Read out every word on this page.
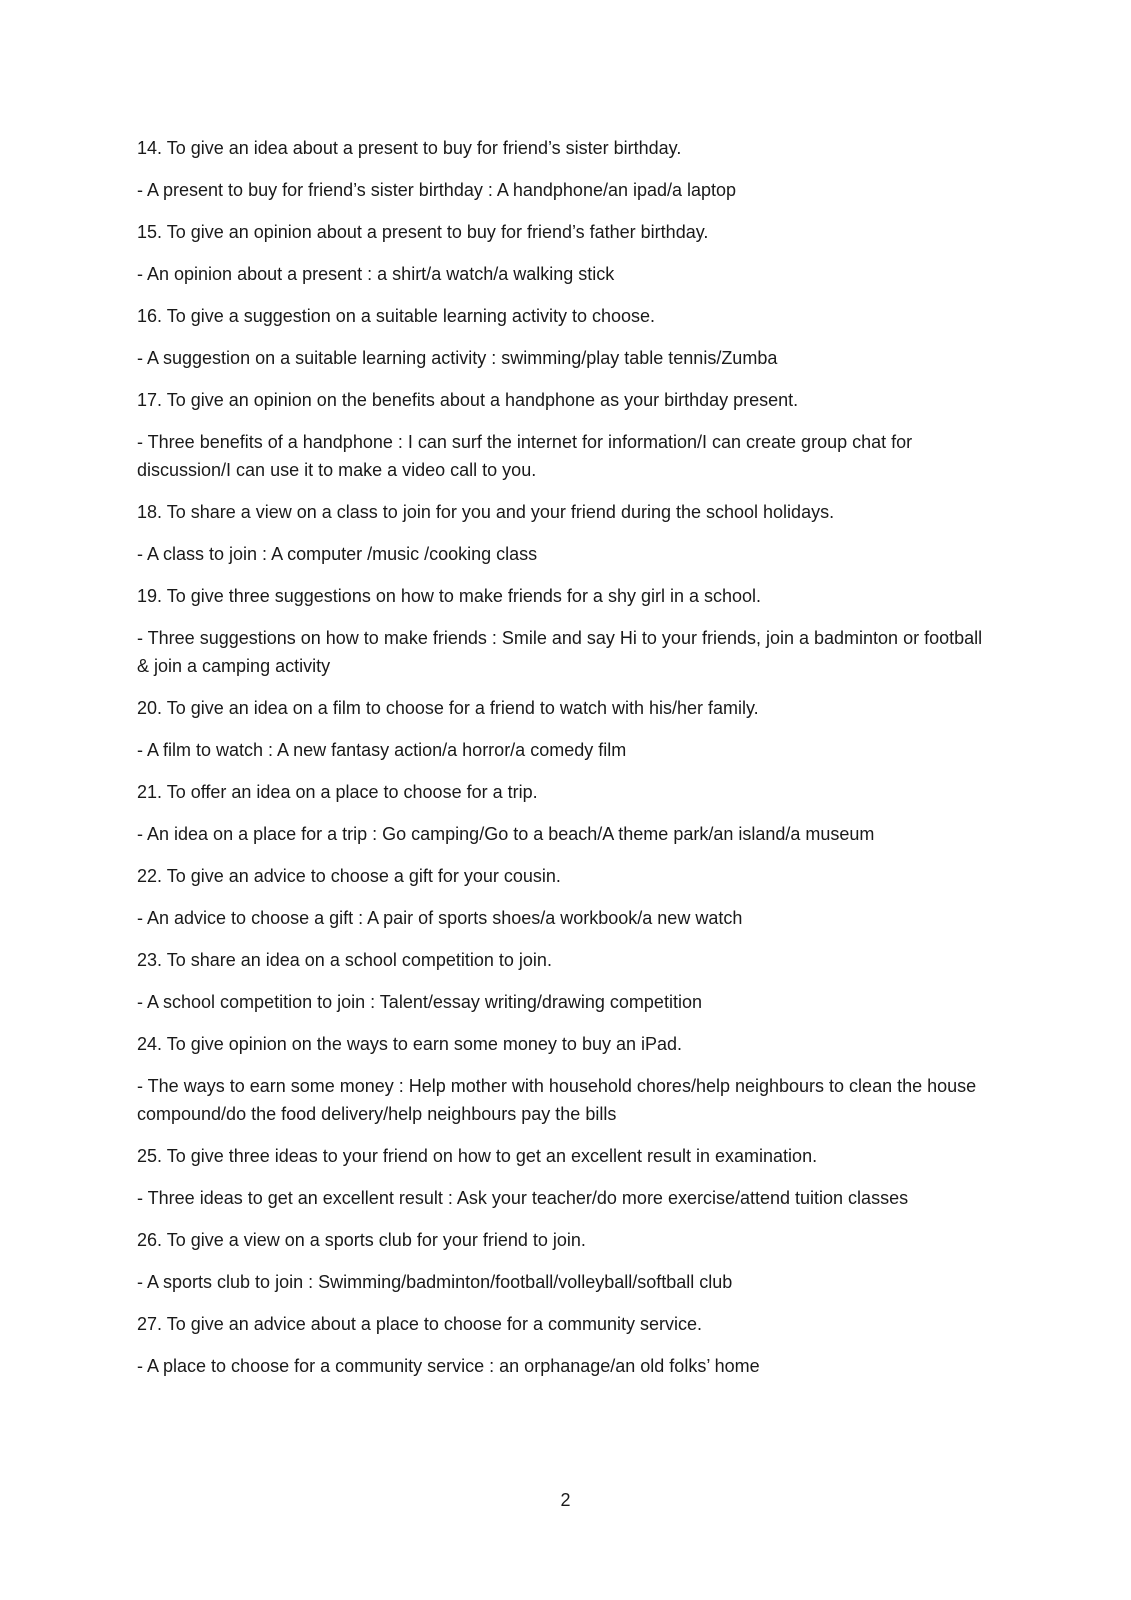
14. To give an idea about a present to buy for friend’s sister birthday.

- A present to buy for friend’s sister birthday : A handphone/an ipad/a laptop

15. To give an opinion about a present to buy for friend’s father birthday.

- An opinion about a present : a shirt/a watch/a walking stick

16. To give a suggestion on a suitable learning activity to choose.

- A suggestion on a suitable learning activity : swimming/play table tennis/Zumba

17. To give an opinion on the benefits about a handphone as your birthday present.

- Three benefits of a handphone : I can surf the internet for information/I can create group chat for discussion/I can use it to make a video call to you.

18. To share a view on a class to join for you and your friend during the school holidays.

- A class to join : A computer /music /cooking class

19. To give three suggestions on how to make friends for a shy girl in a school.

- Three suggestions on how to make friends : Smile and say Hi to your friends, join a badminton or football & join a camping activity

20. To give an idea on a film to choose for a friend to watch with his/her family.

- A film to watch : A new fantasy action/a horror/a comedy film

21. To offer an idea on a place to choose for a trip.

- An idea on a place for a trip : Go camping/Go to a beach/A theme park/an island/a museum

22. To give an advice to choose a gift for your cousin.

- An advice to choose a gift : A pair of sports shoes/a workbook/a new watch

23. To share an idea on a school competition to join.

- A school competition to join : Talent/essay writing/drawing competition

24. To give opinion on the ways to earn some money to buy an iPad.

- The ways to earn some money : Help mother with household chores/help neighbours to clean the house compound/do the food delivery/help neighbours pay the bills

25. To give three ideas to your friend on how to get an excellent result in examination.

- Three ideas to get an excellent result : Ask your teacher/do more exercise/attend tuition classes

26. To give a view on a sports club for your friend to join.

- A sports club to join : Swimming/badminton/football/volleyball/softball club

27. To give an advice about a place to choose for a community service.

- A place to choose for a community service : an orphanage/an old folks’ home

2
